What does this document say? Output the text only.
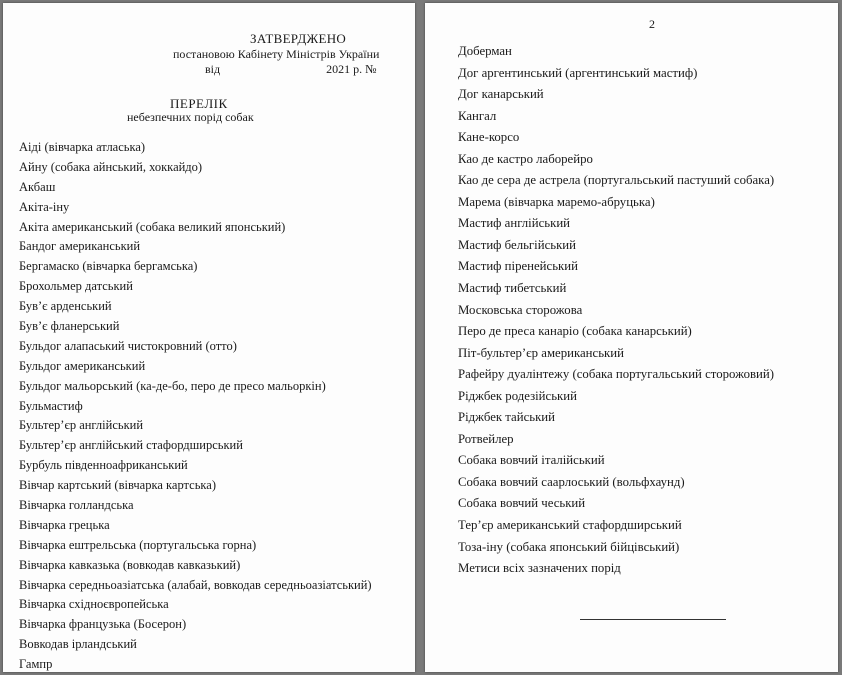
ЗАТВЕРДЖЕНО
постановою Кабінету Міністрів України
від	2021 р. №
ПЕРЕЛІК
небезпечних порід собак
Аіді (вівчарка атласька)
Айну (собака айнський, хоккайдо)
Акбаш
Акіта-іну
Акіта американський (собака великий японський)
Бандог американський
Бергамаско (вівчарка бергамська)
Брохольмер датський
Був’є арденський
Був’є фланерський
Бульдог алапаський чистокровний (отто)
Бульдог американський
Бульдог мальорський (ка-де-бо, перо де пресо мальоркін)
Бульмастиф
Бультер’єр англійський
Бультер’єр англійський стафордширський
Бурбуль південноафриканський
Вівчар картський (вівчарка картська)
Вівчарка голландська
Вівчарка грецька
Вівчарка ештрельська (португальська горна)
Вівчарка кавказька (вовкодав кавказький)
Вівчарка середньоазіатська (алабай, вовкодав середньоазіатський)
Вівчарка східноєвропейська
Вівчарка французька (Босерон)
Вовкодав ірландський
Гампр
2
Доберман
Дог аргентинський (аргентинський мастиф)
Дог канарський
Кангал
Кане-корсо
Као де кастро лаборейро
Као де сера де астрела (португальський пастуший собака)
Марема (вівчарка маремо-абруцька)
Мастиф англійський
Мастиф бельгійський
Мастиф піренейський
Мастиф тибетський
Московська сторожова
Перо де преса канаріо (собака канарський)
Піт-бультер’єр американський
Рафейру дуалінтежу (собака португальський сторожовий)
Ріджбек родезійський
Ріджбек тайський
Ротвейлер
Собака вовчий італійський
Собака вовчий саарлоський (вольфхаунд)
Собака вовчий чеський
Тер’єр американський стафордширський
Тоза-іну (собака японський бійцівський)
Метиси всіх зазначених порід
